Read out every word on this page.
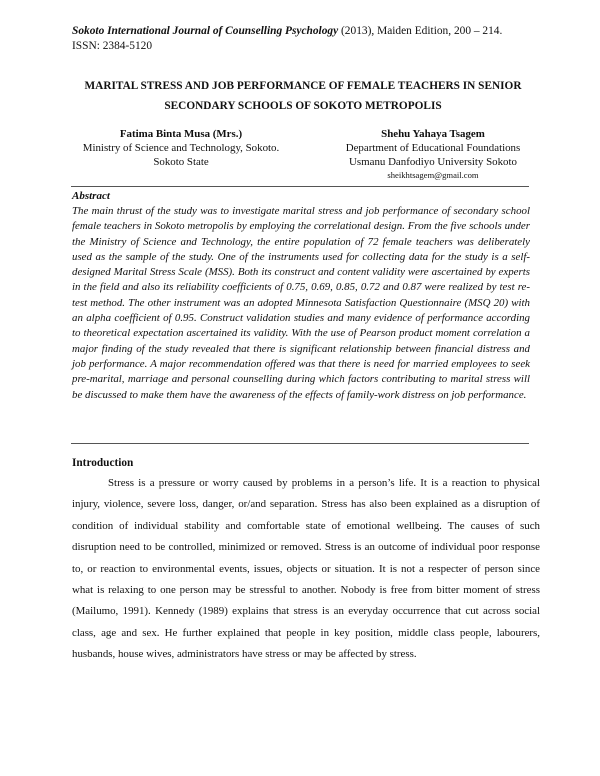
Sokoto International Journal of Counselling Psychology (2013), Maiden Edition, 200 – 214.
ISSN: 2384-5120
MARITAL STRESS AND JOB PERFORMANCE OF FEMALE TEACHERS IN SENIOR SECONDARY SCHOOLS OF SOKOTO METROPOLIS
Fatima Binta Musa (Mrs.)
Ministry of Science and Technology, Sokoto.
Sokoto State
Shehu Yahaya Tsagem
Department of Educational Foundations
Usmanu Danfodiyo University Sokoto
sheikhtsagem@gmail.com
Abstract
The main thrust of the study was to investigate marital stress and job performance of secondary school female teachers in Sokoto metropolis by employing the correlational design. From the five schools under the Ministry of Science and Technology, the entire population of 72 female teachers was deliberately used as the sample of the study. One of the instruments used for collecting data for the study is a self-designed Marital Stress Scale (MSS). Both its construct and content validity were ascertained by experts in the field and also its reliability coefficients of 0.75, 0.69, 0.85, 0.72 and 0.87 were realized by test re-test method. The other instrument was an adopted Minnesota Satisfaction Questionnaire (MSQ 20) with an alpha coefficient of 0.95. Construct validation studies and many evidence of performance according to theoretical expectation ascertained its validity. With the use of Pearson product moment correlation a major finding of the study revealed that there is significant relationship between financial distress and job performance. A major recommendation offered was that there is need for married employees to seek pre-marital, marriage and personal counselling during which factors contributing to marital stress will be discussed to make them have the awareness of the effects of family-work distress on job performance.
Introduction
Stress is a pressure or worry caused by problems in a person’s life. It is a reaction to physical injury, violence, severe loss, danger, or/and separation. Stress has also been explained as a disruption of condition of individual stability and comfortable state of emotional wellbeing. The causes of such disruption need to be controlled, minimized or removed. Stress is an outcome of individual poor response to, or reaction to environmental events, issues, objects or situation. It is not a respecter of person since what is relaxing to one person may be stressful to another. Nobody is free from bitter moment of stress (Mailumo, 1991). Kennedy (1989) explains that stress is an everyday occurrence that cut across social class, age and sex. He further explained that people in key position, middle class people, labourers, husbands, house wives, administrators have stress or may be affected by stress.
